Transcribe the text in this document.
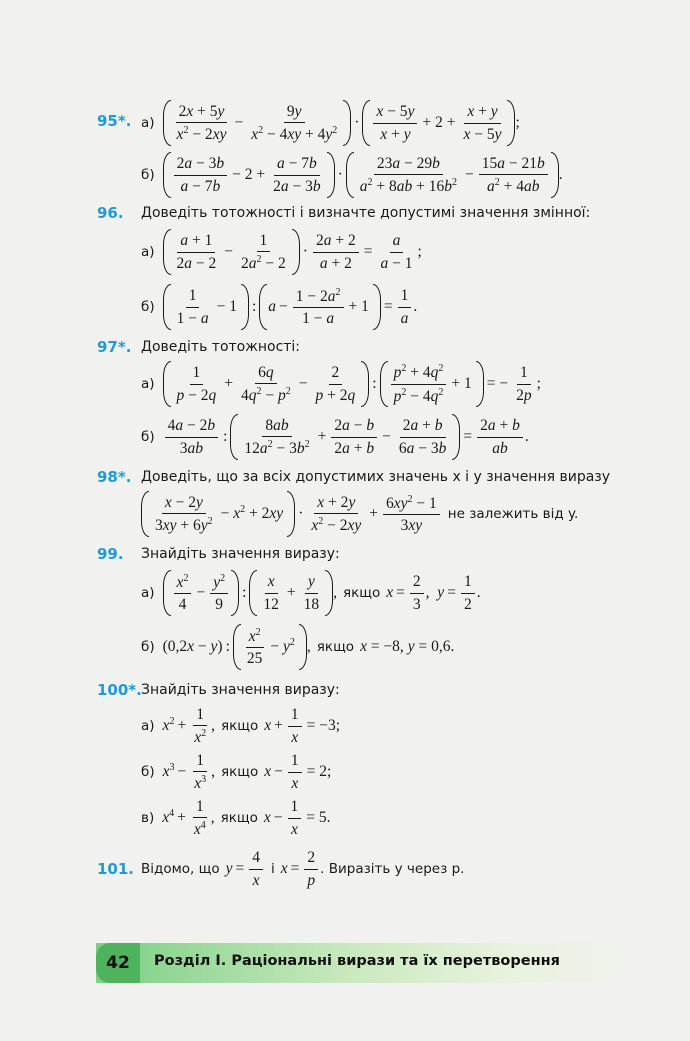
95*. а)
2x + 5y
$x^2 - 2xy$
− $\frac{9y}{x^2 - 4xy + 4y^2}$ ·
x − 5y
x + y
+ $2 + \frac{x + y}{x - 5y}$ ;
б)
2a − 3b
a − 7b
− $2 + \frac{a - 7b}{2a - 3b}$ ·
23a − 29b
$a^2 + 8ab + 16b^2 - \frac{15a - 21b}{a^2 + 4ab}$ .
96. Доведіть тотожності і визначте допустимі значення змінної:
а)
a + 1
2a − 2
− $\frac{1}{2a^2 - 2} \cdot \frac{2a + 2}{a + 2} = \frac{a}{a - 1}$ ;
б)
1
1 − a
− 1 : $a - \frac{1 - 2a^2}{1 - a} + 1 = \frac{1}{a}$ .
97*. Доведіть тотожності:
а)
1
p − 2q
+ $\frac{6q}{4q^2 - p^2} - \frac{2}{p + 2q}$ :
$p^2 + 4q^2$
$p^2 - 4q^2 + 1$ = − $\frac{1}{2p}$ ;
б)
4a − 2b
3ab
:
8ab
$12a^2 - 3b^2 + \frac{2a - b}{2a + b} - \frac{2a + b}{6a - 3b} = \frac{2a + b}{ab}$ .
98*. Доведіть, що за всіх допустимих значень x і y значення виразу
x − 2y
$3xy + 6y^2 - x^2 + 2xy$ ·
x + 2y
$x^2 - 2xy$
+ $\frac{6xy^2 - 1}{3xy}$ не залежить від y.
99. Знайдіть значення виразу:
а)
$x^2$
4
− $\frac{y^2}{9}$ :
x
12
+ $\frac{y}{18}$ , якщо $x = \frac{2}{3}$ , $y = \frac{1}{2}$ .
б) (0,2x − y) :
$x^2$
25
− $y^2$ , якщо x = −8, y = 0,6.
100*. Знайдіть значення виразу:
а) $x^2 + \frac{1}{x^2}$ , якщо $x + \frac{1}{x} = -3$;
б) $x^3 - \frac{1}{x^3}$ , якщо $x - \frac{1}{x} = 2$;
в) $x^4 + \frac{1}{x^4}$ , якщо $x - \frac{1}{x} = 5$.
101. Відомо, що $y = \frac{4}{x}$ і $x = \frac{2}{p}$ . Виразіть y через p.
42	Розділ І. Раціональні вирази та їх перетворення
